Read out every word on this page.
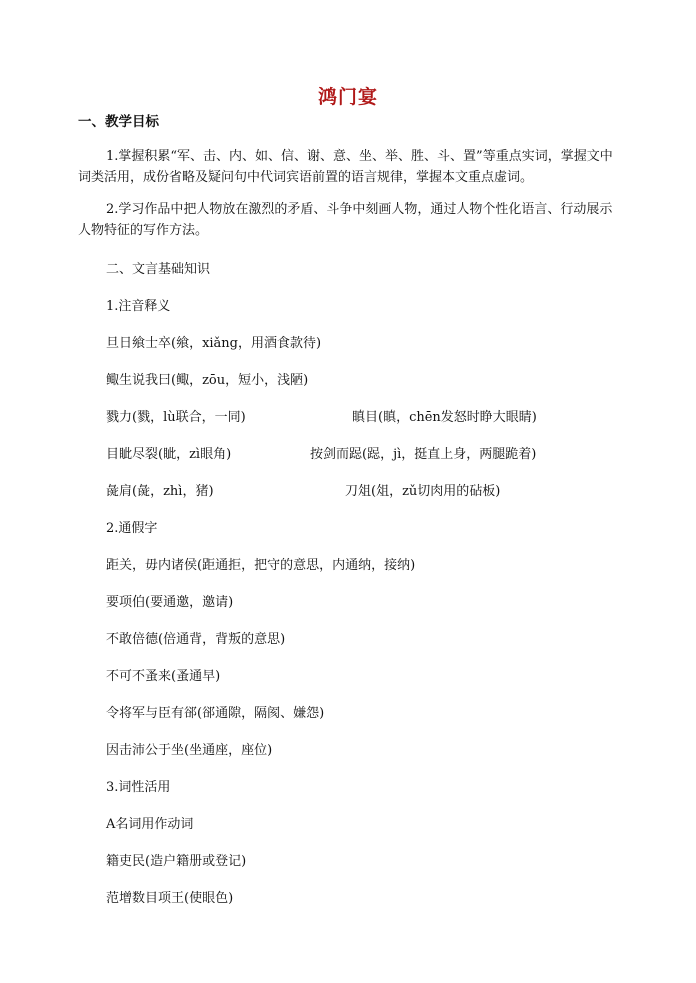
鸿门宴
一、教学目标
1.掌握积累“军、击、内、如、信、谢、意、坐、举、胜、斗、置”等重点实词，掌握文中词类活用，成份省略及疑问句中代词宾语前置的语言规律，掌握本文重点虚词。
2.学习作品中把人物放在激烈的矛盾、斗争中刻画人物，通过人物个性化语言、行动展示人物特征的写作方法。
二、文言基础知识
1.注音释义
旦日飨士卒(飨，xiǎng，用酒食款待)
鲰生说我曰(鲰，zōu，短小，浅陋)
戮力(戮，lù联合，一同)	瞋目(瞋，chēn发怒时睁大眼睛)
目眦尽裂(眦，zì眼角)	按剑而跽(跽，jì，挺直上身，两腿跪着)
彘肩(彘，zhì，猪)	刀俎(俎，zǔ切肉用的砧板)
2.通假字
距关，毋内诸侯(距通拒，把守的意思，内通纳，接纳)
要项伯(要通邀，邀请)
不敢倍德(倍通背，背叛的意思)
不可不蚤来(蚤通早)
令将军与臣有郤(郤通隙，隔阂、嫌怨)
因击沛公于坐(坐通座，座位)
3.词性活用
A名词用作动词
籍吏民(造户籍册或登记)
范增数目项王(使眼色)
